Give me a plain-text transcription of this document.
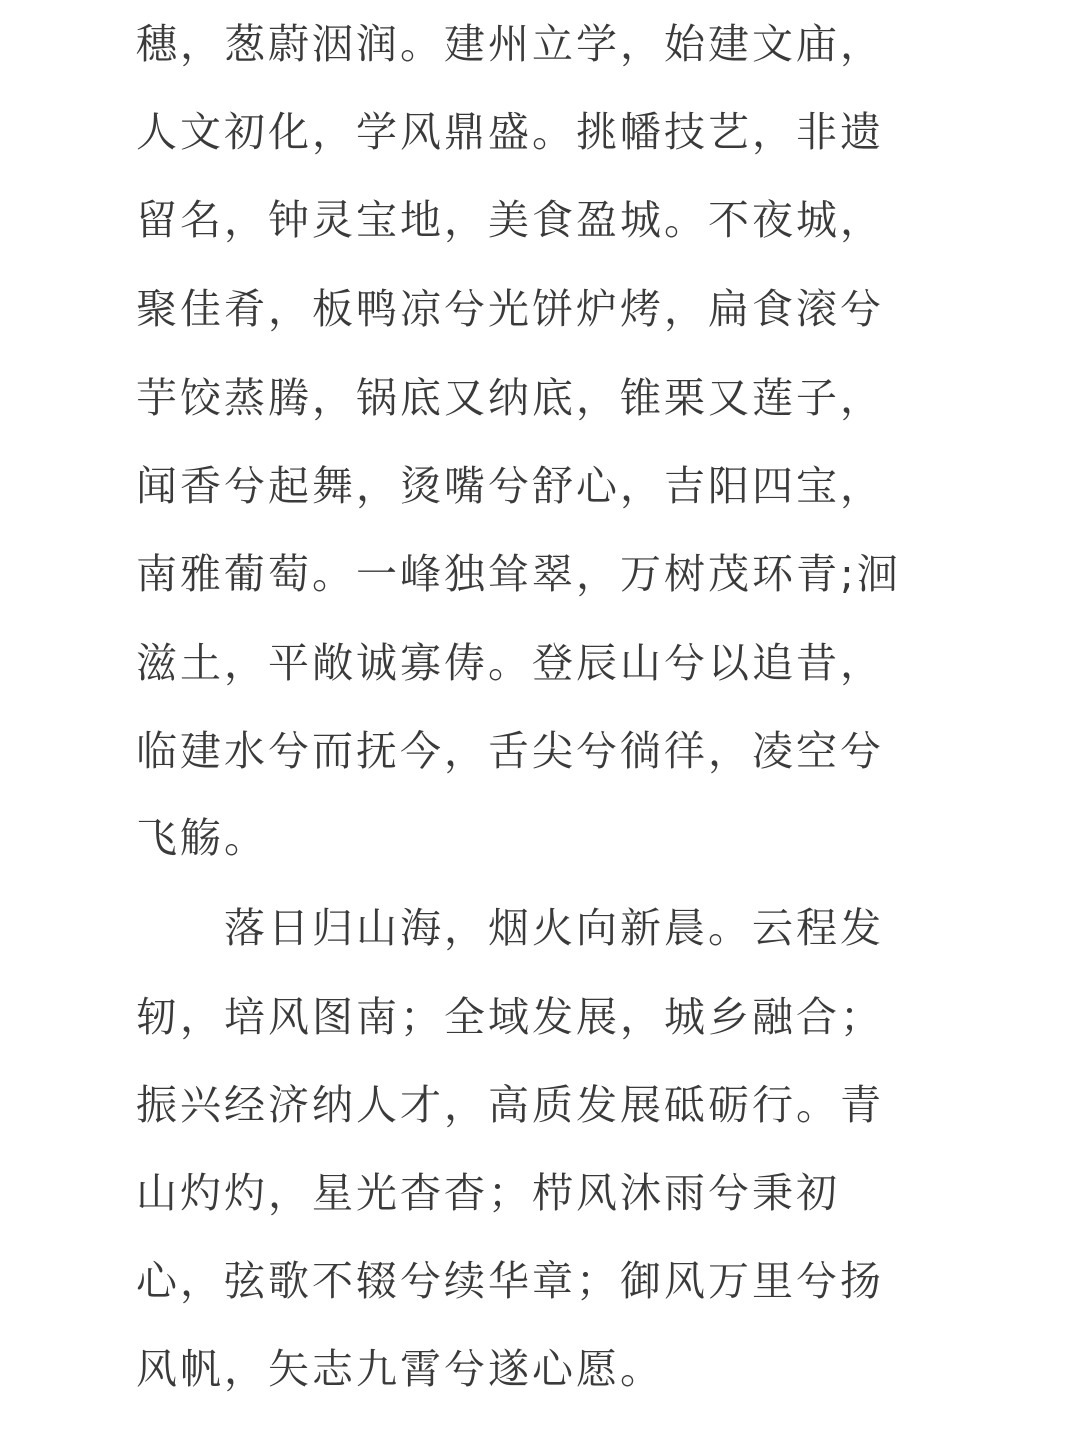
穗，葱蔚洇润。建州立学，始建文庙，
人文初化，学风鼎盛。挑幡技艺，非遗
留名，钟灵宝地，美食盈城。不夜城，
聚佳肴，板鸭凉兮光饼炉烤，扁食滚兮
芋饺蒸腾，锅底又纳底，锥栗又莲子，
闻香兮起舞，烫嘴兮舒心，吉阳四宝，
南雅葡萄。一峰独耸翠，万树茂环青;洄
滋土，平敞诚寡俦。登辰山兮以追昔，
临建水兮而抚今，舌尖兮徜徉，凌空兮
飞觞。
落日归山海，烟火向新晨。云程发
轫，培风图南；全域发展，城乡融合；
振兴经济纳人才，高质发展砥砺行。青
山灼灼，星光杳杳；栉风沐雨兮秉初
心，弦歌不辍兮续华章；御风万里兮扬
风帆，矢志九霄兮遂心愿。
